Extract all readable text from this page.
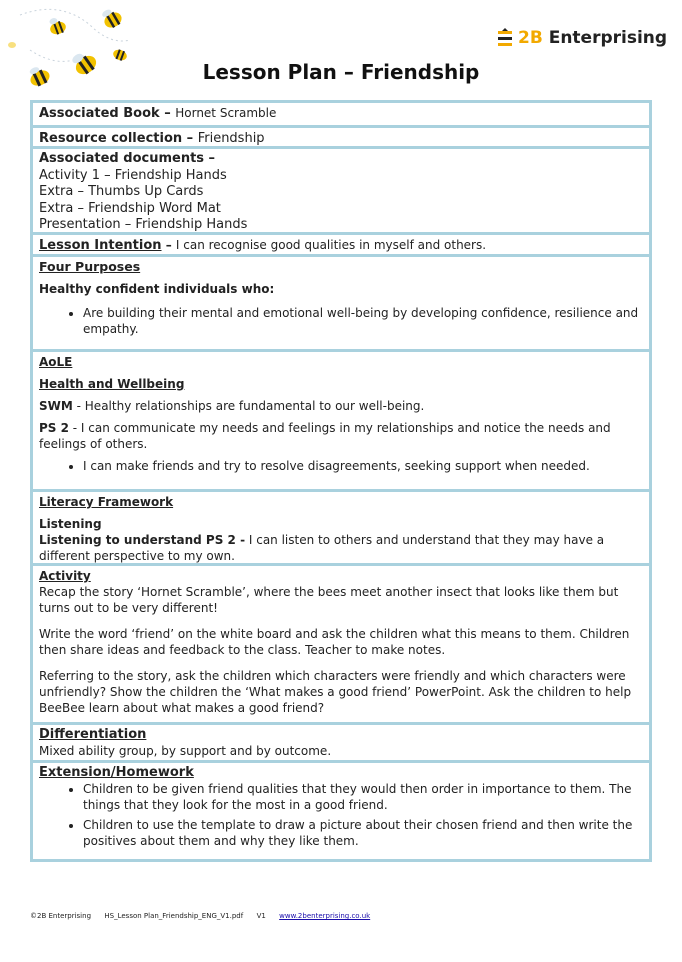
2B Enterprising
Lesson Plan – Friendship
Associated Book – Hornet Scramble
Resource collection – Friendship
Associated documents –
Activity 1 – Friendship Hands
Extra – Thumbs Up Cards
Extra – Friendship Word Mat
Presentation – Friendship Hands
Lesson Intention – I can recognise good qualities in myself and others.
Four Purposes
Healthy confident individuals who:
• Are building their mental and emotional well-being by developing confidence, resilience and empathy.
AoLE
Health and Wellbeing
SWM - Healthy relationships are fundamental to our well-being.
PS 2 - I can communicate my needs and feelings in my relationships and notice the needs and feelings of others.
• I can make friends and try to resolve disagreements, seeking support when needed.
Literacy Framework
Listening
Listening to understand PS 2 - I can listen to others and understand that they may have a different perspective to my own.
Activity
Recap the story ‘Hornet Scramble’, where the bees meet another insect that looks like them but turns out to be very different!
Write the word ‘friend’ on the white board and ask the children what this means to them. Children then share ideas and feedback to the class. Teacher to make notes.
Referring to the story, ask the children which characters were friendly and which characters were unfriendly? Show the children the ‘What makes a good friend’ PowerPoint. Ask the children to help BeeBee learn about what makes a good friend?
Differentiation
Mixed ability group, by support and by outcome.
Extension/Homework
• Children to be given friend qualities that they would then order in importance to them. The things that they look for the most in a good friend.
• Children to use the template to draw a picture about their chosen friend and then write the positives about them and why they like them.
©2B Enterprising HS_Lesson Plan_Friendship_ENG_V1.pdf V1 www.2benterprising.co.uk
